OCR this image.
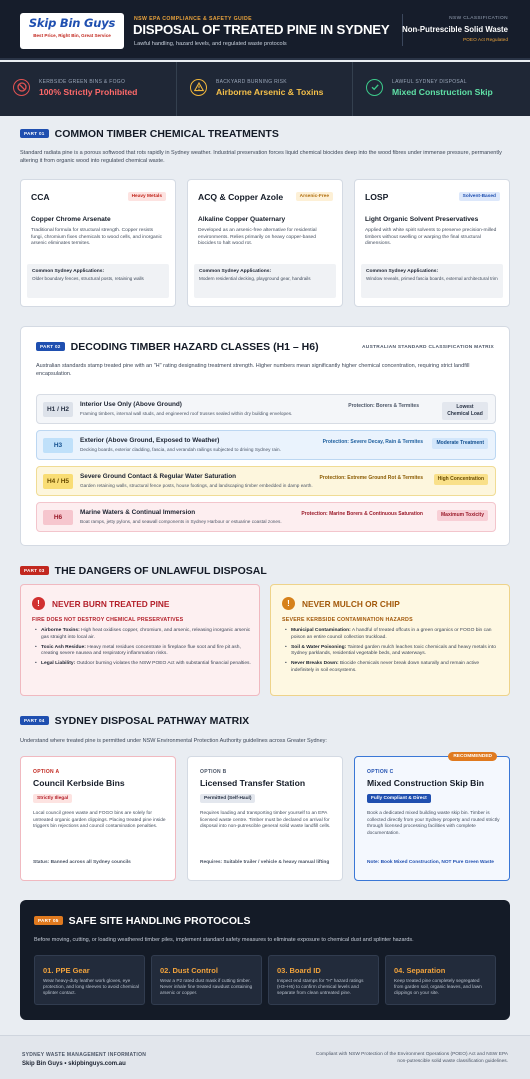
Skip Bin Guys
Best Price, Right Bin, Great Service
NSW EPA COMPLIANCE & SAFETY GUIDE
DISPOSAL OF TREATED PINE IN SYDNEY
Lawful handling, hazard levels, and regulated waste protocols
NSW CLASSIFICATION
Non-Putrescible Solid Waste
POEO Act Regulated
KERBSIDE GREEN BINS & FOGO
100% Strictly Prohibited
BACKYARD BURNING RISK
Airborne Arsenic & Toxins
LAWFUL SYDNEY DISPOSAL
Mixed Construction Skip
PART 01 COMMON TIMBER CHEMICAL TREATMENTS
Standard radiata pine is a porous softwood that rots rapidly in Sydney weather. Industrial preservation forces liquid chemical biocides deep into the wood fibres under immense pressure, permanently altering it from organic wood into regulated chemical waste.
CCA	Heavy Metals
Copper Chrome Arsenate
Traditional formula for structural strength. Copper resists fungi, chromium fixes chemicals to wood cells, and inorganic arsenic eliminates termites.
Common Sydney Applications:
Older boundary fences, structural posts, retaining walls
ACQ & Copper Azole	Arsenic-Free
Alkaline Copper Quaternary
Developed as an arsenic-free alternative for residential environments. Relies primarily on heavy copper-based biocides to halt wood rot.
Common Sydney Applications:
Modern residential decking, playground gear, handrails
LOSP	Solvent-Based
Light Organic Solvent Preservatives
Applied with white spirit solvents to preserve precision-milled timbers without swelling or warping the final structural dimensions.
Common Sydney Applications:
Window reveals, primed fascia boards, external architectural trim
PART 02 DECODING TIMBER HAZARD CLASSES (H1 – H6)	AUSTRALIAN STANDARD CLASSIFICATION MATRIX
Australian standards stamp treated pine with an "H" rating designating treatment strength. Higher numbers mean significantly higher chemical concentration, requiring strict landfill encapsulation.
H1 / H2
Interior Use Only (Above Ground)
Framing timbers, internal wall studs, and engineered roof trusses sealed within dry building envelopes.
Protection: Borers & Termites	Lowest Chemical Load
H3
Exterior (Above Ground, Exposed to Weather)
Decking boards, exterior cladding, fascia, and verandah railings subjected to driving Sydney rain.
Protection: Severe Decay, Rain & Termites	Moderate Treatment
H4 / H5
Severe Ground Contact & Regular Water Saturation
Garden retaining walls, structural fence posts, house footings, and landscaping timber embedded in damp earth.
Protection: Extreme Ground Rot & Termites	High Concentration
H6
Marine Waters & Continual Immersion
Boat ramps, jetty pylons, and seawall components in Sydney Harbour or estuarine coastal zones.
Protection: Marine Borers & Continuous Saturation	Maximum Toxicity
PART 03 THE DANGERS OF UNLAWFUL DISPOSAL
!	NEVER BURN TREATED PINE
FIRE DOES NOT DESTROY CHEMICAL PRESERVATIVES
• Airborne Toxins: High heat oxidises copper, chromium, and arsenic, releasing inorganic arsenic gas straight into local air.
• Toxic Ash Residue: Heavy metal residues concentrate in fireplace flue soot and fire pit ash, creating severe nausea and respiratory inflammation risks.
• Legal Liability: Outdoor burning violates the NSW POEO Act with substantial financial penalties.
!	NEVER MULCH OR CHIP
SEVERE KERBSIDE CONTAMINATION HAZARDS
• Municipal Contamination: A handful of treated offcuts in a green organics or FOGO bin can poison an entire council collection truckload.
• Soil & Water Poisoning: Tainted garden mulch leaches toxic chemicals and heavy metals into Sydney parklands, residential vegetable beds, and waterways.
• Never Breaks Down: Biocide chemicals never break down naturally and remain active indefinitely in soil ecosystems.
PART 04 SYDNEY DISPOSAL PATHWAY MATRIX
Understand where treated pine is permitted under NSW Environmental Protection Authority guidelines across Greater Sydney:
OPTION A
Council Kerbside Bins
Strictly Illegal
Local council green waste and FOGO bins are solely for untreated organic garden clippings. Placing treated pine inside triggers bin rejections and council contamination penalties.
Status: Banned across all Sydney councils
OPTION B
Licensed Transfer Station
Permitted (Self-Haul)
Requires loading and transporting timber yourself to an EPA licensed waste centre. Timber must be declared on arrival for disposal into non-putrescible general solid waste landfill cells.
Requires: Suitable trailer / vehicle & heavy manual lifting
RECOMMENDED
OPTION C
Mixed Construction Skip Bin
Fully Compliant & Direct
Book a dedicated mixed building waste skip bin. Timber is collected directly from your Sydney property and routed strictly through licensed processing facilities with complete documentation.
Note: Book Mixed Construction, NOT Pure Green Waste
PART 05 SAFE SITE HANDLING PROTOCOLS
Before moving, cutting, or loading weathered timber piles, implement standard safety measures to eliminate exposure to chemical dust and splinter hazards.
01. PPE Gear
Wear heavy-duty leather work gloves, eye protection, and long sleeves to avoid chemical splinter contact.
02. Dust Control
Wear a P2 rated dust mask if cutting timber. Never inhale fine treated sawdust containing arsenic or copper.
03. Board ID
Inspect end stamps for "H" hazard ratings (H3–H6) to confirm chemical levels and separate from clean untreated pine.
04. Separation
Keep treated pine completely segregated from garden soil, organic leaves, and lawn clippings on your site.
SYDNEY WASTE MANAGEMENT INFORMATION
Skip Bin Guys • skipbinguys.com.au
Compliant with NSW Protection of the Environment Operations (POEO) Act and NSW EPA non-putrescible solid waste classification guidelines.
